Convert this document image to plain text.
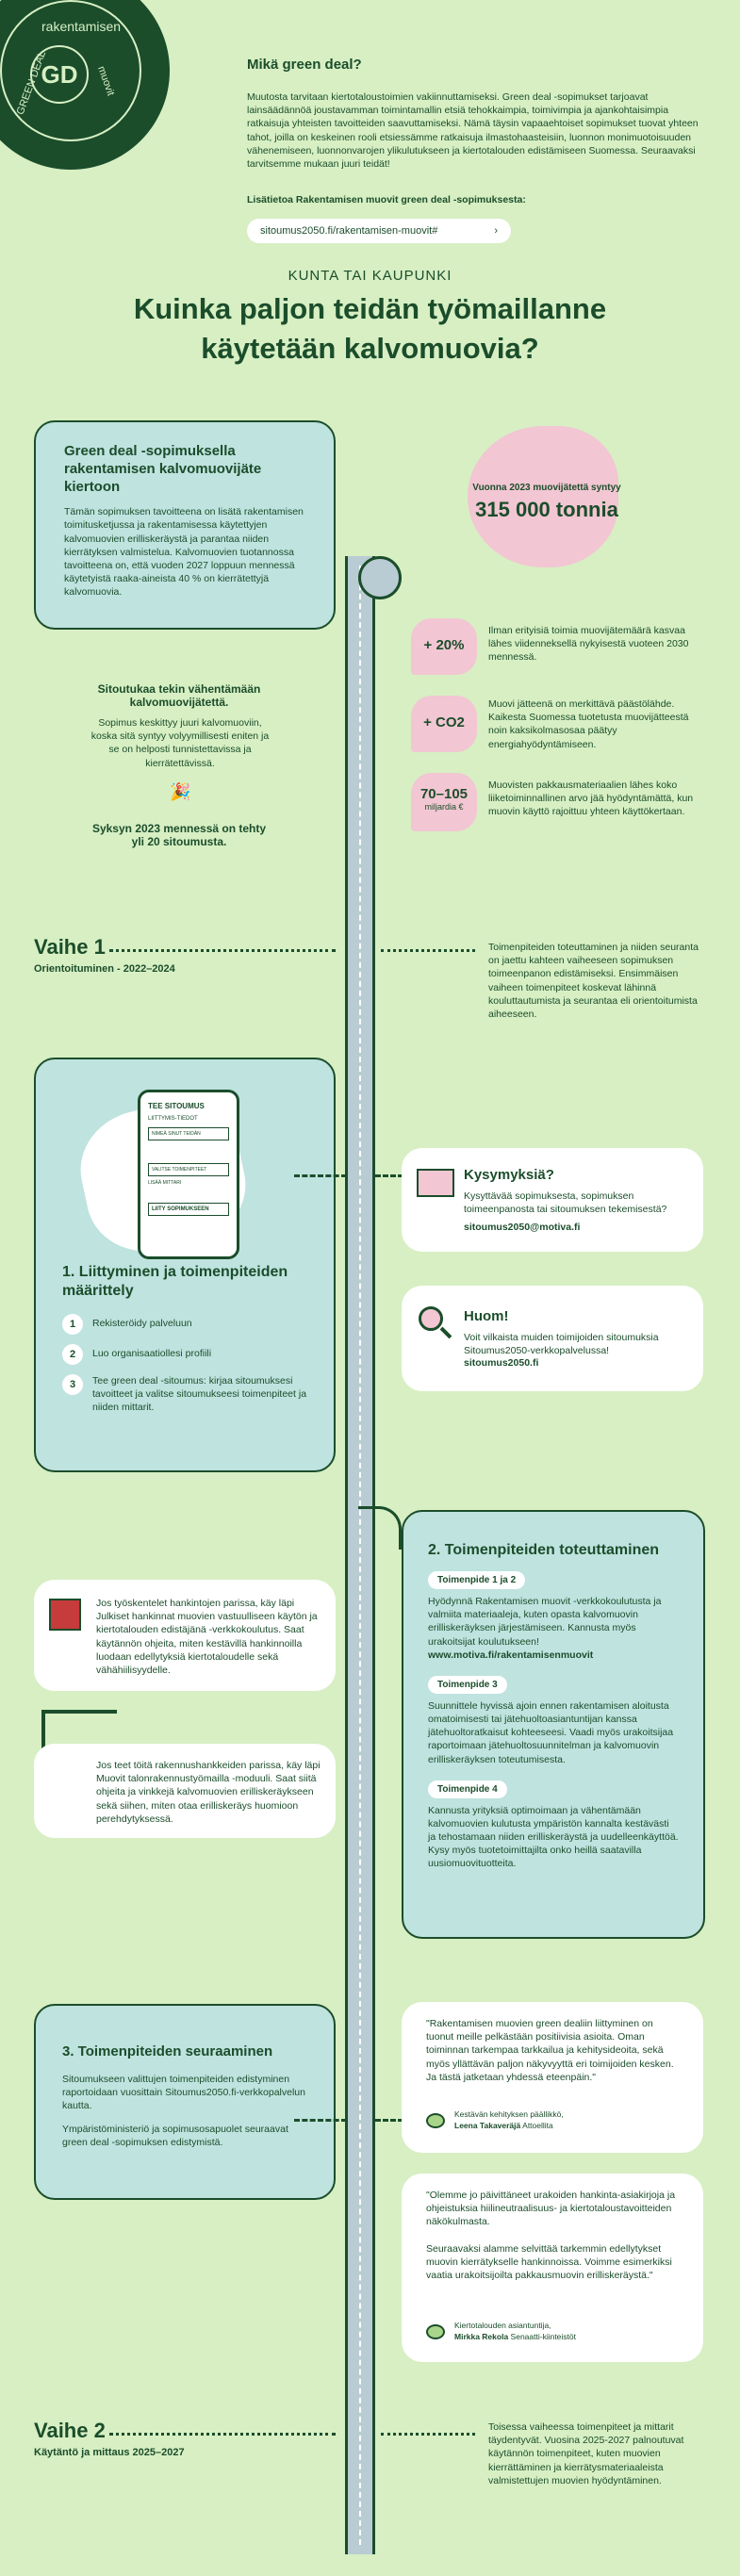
GD
rakentamisen
GREEN DEAL	muovit
Mikä green deal?

Muutosta tarvitaan kiertotaloustoimien vakiinnuttamiseksi. Green deal -sopimukset tarjoavat lainsäädännöä joustavamman toimintamallin etsiä tehokkaimpia, toimivimpia ja ajankohtaisimpia ratkaisuja yhteisten tavoitteiden saavuttamiseksi. Nämä täysin vapaaehtoiset sopimukset tuovat yhteen tahot, joilla on keskeinen rooli etsiessämme ratkaisuja ilmastohaasteisiin, luonnon monimuotoisuuden vähenemiseen, luonnonvarojen ylikulutukseen ja kiertotalouden edistämiseen Suomessa. Seuraavaksi tarvitsemme mukaan juuri teidät!

Lisätietoa Rakentamisen muovit green deal -sopimuksesta:
sitoumus2050.fi/rakentamisen-muovit#	›
KUNTA TAI KAUPUNKI
Kuinka paljon teidän työmaillanne
käytetään kalvomuovia?
Green deal -sopimuksella rakentamisen kalvomuovijäte kiertoon

Tämän sopimuksen tavoitteena on lisätä rakentamisen toimitusketjussa ja rakentamisessa käytettyjen kalvomuovien erilliskeräystä ja parantaa niiden kierrätyksen valmistelua. Kalvomuovien tuotannossa tavoitteena on, että vuoden 2027 loppuun mennessä käytetyistä raaka-aineista 40 % on kierrätettyjä kalvomuovia.

Vuonna 2023 muovijätettä syntyy
315 000 tonnia
+ 20%

Ilman erityisiä toimia muovijätemäärä kasvaa lähes viidenneksellä nykyisestä vuoteen 2030 mennessä.

+ CO2

Muovi jätteenä on merkittävä päästölähde. Kaikesta Suomessa tuotetusta muovijätteestä noin kaksikolmasosaa päätyy energiahyödyntämiseen.

70–105
miljardia €

Muovisten pakkausmateriaalien lähes koko liiketoiminnallinen arvo jää hyödyntämättä, kun muovin käyttö rajoittuu yhteen käyttökertaan.

Sitoutukaa tekin vähentämään kalvomuovijätettä.

Sopimus keskittyy juuri kalvomuoviin, koska sitä syntyy volyymillisesti eniten ja se on helposti tunnistettavissa ja kierrätettävissä.

🎉
Syksyn 2023 mennessä on tehty yli 20 sitoumusta.
Vaihe 1
Orientoituminen - 2022–2024

Toimenpiteiden toteuttaminen ja niiden seuranta on jaettu kahteen vaiheeseen sopimuksen toimeenpanon edistämiseksi. Ensimmäisen vaiheen toimenpiteet koskevat lähinnä kouluttautumista ja seurantaa eli orientoitumista aiheeseen.

TEE SITOUMUS
LIITTYMIS-TIEDOT
NIMEÄ SINUT TEIDÄN
VALITSE TOIMENPITEET
LISÄÄ MITTARI
LIITY SOPIMUKSEEN
1. Liittyminen ja toimenpiteiden määrittely
1	Rekisteröidy palveluun
2	Luo organisaatiollesi profiili
3	Tee green deal -sitoumus: kirjaa sitoumuksesi tavoitteet ja valitse sitoumukseesi toimenpiteet ja niiden mittarit.
Kysymyksiä?

Kysyttävää sopimuksesta, sopimuksen toimeenpanosta tai sitoumuksen tekemisestä?

sitoumus2050@motiva.fi
Huom!

Voit vilkaista muiden toimijoiden sitoumuksia Sitoumus2050-verkkopalvelussa!

sitoumus2050.fi
2. Toimenpiteiden toteuttaminen
Toimenpide 1 ja 2

Hyödynnä Rakentamisen muovit -verkkokoulutusta ja valmiita materiaaleja, kuten opasta kalvomuovin erilliskeräyksen järjestämiseen. Kannusta myös urakoitsijat koulutukseen!

www.motiva.fi/rakentamisenmuovit

Toimenpide 3

Suunnittele hyvissä ajoin ennen rakentamisen aloitusta omatoimisesti tai jätehuoltoasiantuntijan kanssa jätehuoltoratkaisut kohteeseesi. Vaadi myös urakoitsijaa raportoimaan jätehuoltosuunnitelman ja kalvomuovin erilliskeräyksen toteutumisesta.

Toimenpide 4

Kannusta yrityksiä optimoimaan ja vähentämään kalvomuovien kulutusta ympäristön kannalta kestävästi ja tehostamaan niiden erilliskeräystä ja uudelleenkäyttöä. Kysy myös tuotetoimittajilta onko heillä saatavilla uusiomuovituotteita.

Jos työskentelet hankintojen parissa, käy läpi Julkiset hankinnat muovien vastuulliseen käytön ja kiertotalouden edistäjänä -verkkokoulutus. Saat käytännön ohjeita, miten kestävillä hankinnoilla luodaan edellytyksiä kiertotaloudelle sekä vähähiilisyydelle.

Jos teet töitä rakennushankkeiden parissa, käy läpi Muovit talonrakennustyömailla -moduuli. Saat siitä ohjeita ja vinkkejä kalvomuovien erilliskeräykseen sekä siihen, miten otaa erilliskeräys huomioon perehdytyksessä.

3. Toimenpiteiden seuraaminen

Sitoumukseen valittujen toimenpiteiden edistyminen raportoidaan vuosittain Sitoumus2050.fi-verkkopalvelun kautta.

Ympäristöministeriö ja sopimusosapuolet seuraavat green deal -sopimuksen edistymistä.

"Rakentamisen muovien green dealiin liittyminen on tuonut meille pelkästään positiivisia asioita. Oman toiminnan tarkempaa tarkkailua ja kehitysideoita, sekä myös yllättävän paljon näkyvyyttä eri toimijoiden kesken. Ja tästä jatketaan yhdessä eteenpäin."

Kestävän kehityksen päällikkö,
Leena Takaveräjä Attoellita

"Olemme jo päivittäneet urakoiden hankinta-asiakirjoja ja ohjeistuksia hiilineutraalisuus- ja kiertotaloustavoitteiden näkökulmasta.

Seuraavaksi alamme selvittää tarkemmin edellytykset muovin kierrätykselle hankinnoissa. Voimme esimerkiksi vaatia urakoitsijoilta pakkausmuovin erilliskeräystä."

Kiertotalouden asiantuntija,
Mirkka Rekola Senaatti-kiinteistöt
Vaihe 2
Käytäntö ja mittaus 2025–2027

Toisessa vaiheessa toimenpiteet ja mittarit täydentyvät. Vuosina 2025-2027 palnoutuvat käytännön toimenpiteet, kuten muovien kierrättäminen ja kierrätysmateriaaleista valmistettujen muovien hyödyntäminen.
